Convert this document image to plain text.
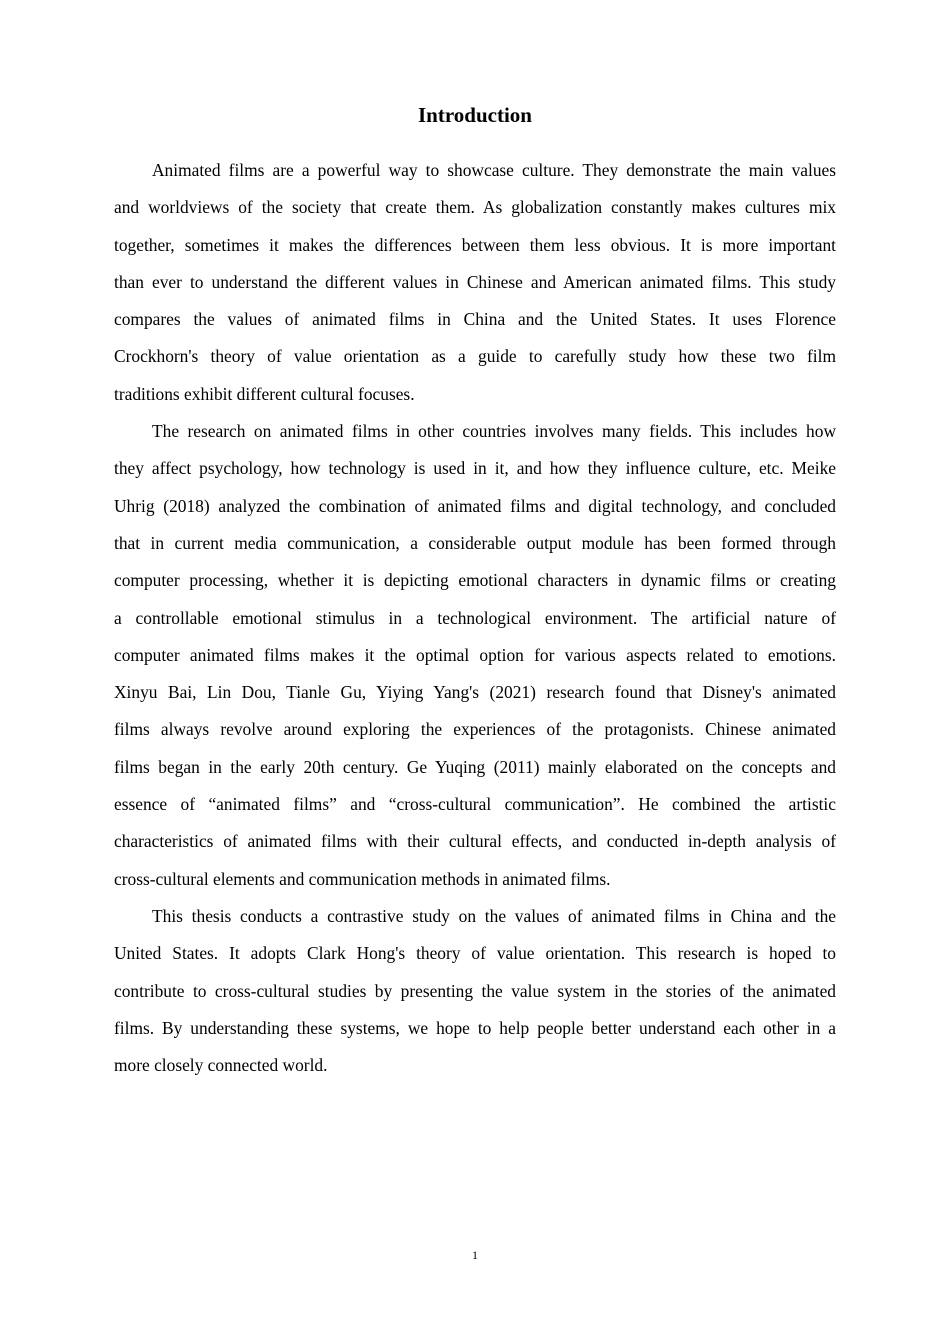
Introduction
Animated films are a powerful way to showcase culture. They demonstrate the main values
and worldviews of the society that create them. As globalization constantly makes cultures mix
together, sometimes it makes the differences between them less obvious. It is more important
than ever to understand the different values in Chinese and American animated films. This study
compares the values of animated films in China and the United States. It uses Florence
Crockhorn's theory of value orientation as a guide to carefully study how these two film
traditions exhibit different cultural focuses.
The research on animated films in other countries involves many fields. This includes how
they affect psychology, how technology is used in it, and how they influence culture, etc. Meike
Uhrig (2018) analyzed the combination of animated films and digital technology, and concluded
that in current media communication, a considerable output module has been formed through
computer processing, whether it is depicting emotional characters in dynamic films or creating
a controllable emotional stimulus in a technological environment. The artificial nature of
computer animated films makes it the optimal option for various aspects related to emotions.
Xinyu Bai, Lin Dou, Tianle Gu, Yiying Yang's (2021) research found that Disney's animated
films always revolve around exploring the experiences of the protagonists. Chinese animated
films began in the early 20th century. Ge Yuqing (2011) mainly elaborated on the concepts and
essence of “animated films” and “cross-cultural communication”. He combined the artistic
characteristics of animated films with their cultural effects, and conducted in-depth analysis of
cross-cultural elements and communication methods in animated films.
This thesis conducts a contrastive study on the values of animated films in China and the
United States. It adopts Clark Hong's theory of value orientation. This research is hoped to
contribute to cross-cultural studies by presenting the value system in the stories of the animated
films. By understanding these systems, we hope to help people better understand each other in a
more closely connected world.
1
